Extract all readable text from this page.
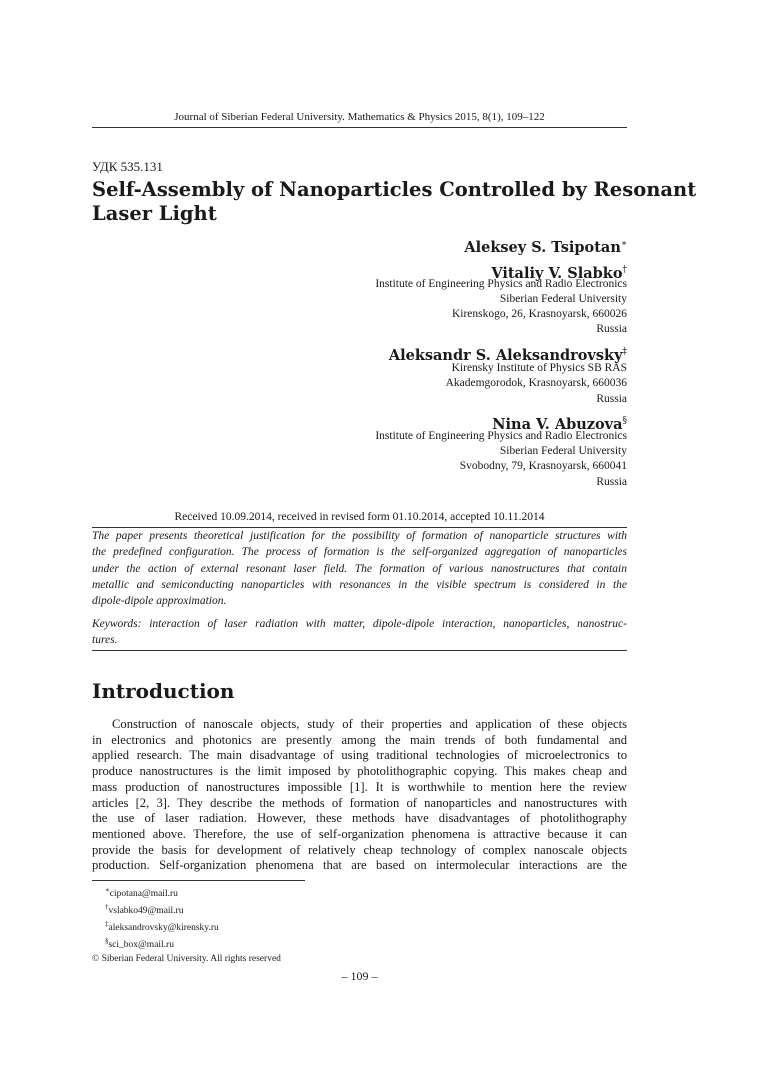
Journal of Siberian Federal University. Mathematics & Physics 2015, 8(1), 109–122
УДК 535.131
Self-Assembly of Nanoparticles Controlled by Resonant
Laser Light
Aleksey S. Tsipotan∗
Vitaliy V. Slabko†
Institute of Engineering Physics and Radio Electronics
Siberian Federal University
Kirenskogo, 26, Krasnoyarsk, 660026
Russia
Aleksandr S. Aleksandrovsky‡
Kirensky Institute of Physics SB RAS
Akademgorodok, Krasnoyarsk, 660036
Russia
Nina V. Abuzova§
Institute of Engineering Physics and Radio Electronics
Siberian Federal University
Svobodny, 79, Krasnoyarsk, 660041
Russia
Received 10.09.2014, received in revised form 01.10.2014, accepted 10.11.2014
The paper presents theoretical justification for the possibility of formation of nanoparticle structures with
the predefined configuration. The process of formation is the self-organized aggregation of nanoparticles
under the action of external resonant laser field. The formation of various nanostructures that contain
metallic and semiconducting nanoparticles with resonances in the visible spectrum is considered in the
dipole-dipole approximation.
Keywords: interaction of laser radiation with matter, dipole-dipole interaction, nanoparticles, nanostruc-
tures.
Introduction
Construction of nanoscale objects, study of their properties and application of these objects
in electronics and photonics are presently among the main trends of both fundamental and
applied research. The main disadvantage of using traditional technologies of microelectronics to
produce nanostructures is the limit imposed by photolithographic copying. This makes cheap and
mass production of nanostructures impossible [1]. It is worthwhile to mention here the review
articles [2, 3]. They describe the methods of formation of nanoparticles and nanostructures with
the use of laser radiation. However, these methods have disadvantages of photolithography
mentioned above. Therefore, the use of self-organization phenomena is attractive because it can
provide the basis for development of relatively cheap technology of complex nanoscale objects
production. Self-organization phenomena that are based on intermolecular interactions are the
∗cipotana@mail.ru
†vslabko49@mail.ru
‡aleksandrovsky@kirensky.ru
§sci_box@mail.ru
© Siberian Federal University. All rights reserved
– 109 –
